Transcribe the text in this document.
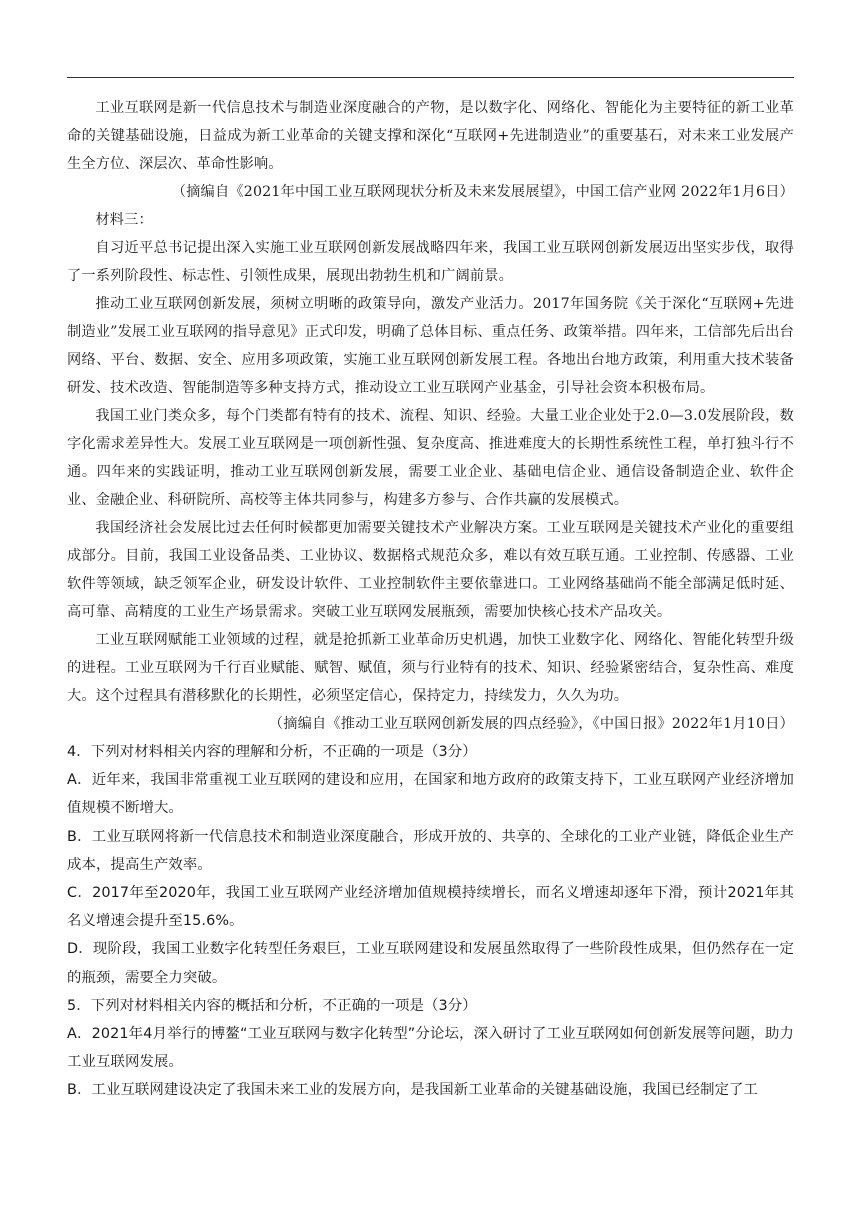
工业互联网是新一代信息技术与制造业深度融合的产物，是以数字化、网络化、智能化为主要特征的新工业革命的关键基础设施，日益成为新工业革命的关键支撑和深化“互联网+先进制造业”的重要基石，对未来工业发展产生全方位、深层次、革命性影响。

（摘编自《2021年中国工业互联网现状分析及未来发展展望》，中国工信产业网 2022年1月6日）

材料三：

自习近平总书记提出深入实施工业互联网创新发展战略四年来，我国工业互联网创新发展迈出坚实步伐，取得了一系列阶段性、标志性、引领性成果，展现出勃勃生机和广阔前景。

推动工业互联网创新发展，须树立明晰的政策导向，激发产业活力。2017年国务院《关于深化“互联网+先进制造业”发展工业互联网的指导意见》正式印发，明确了总体目标、重点任务、政策举措。四年来，工信部先后出台网络、平台、数据、安全、应用多项政策，实施工业互联网创新发展工程。各地出台地方政策，利用重大技术装备研发、技术改造、智能制造等多种支持方式，推动设立工业互联网产业基金，引导社会资本积极布局。

我国工业门类众多，每个门类都有特有的技术、流程、知识、经验。大量工业企业处于2.0—3.0发展阶段，数字化需求差异性大。发展工业互联网是一项创新性强、复杂度高、推进难度大的长期性系统性工程，单打独斗行不通。四年来的实践证明，推动工业互联网创新发展，需要工业企业、基础电信企业、通信设备制造企业、软件企业、金融企业、科研院所、高校等主体共同参与，构建多方参与、合作共赢的发展模式。

我国经济社会发展比过去任何时候都更加需要关键技术产业解决方案。工业互联网是关键技术产业化的重要组成部分。目前，我国工业设备品类、工业协议、数据格式规范众多，难以有效互联互通。工业控制、传感器、工业软件等领域，缺乏领军企业，研发设计软件、工业控制软件主要依靠进口。工业网络基础尚不能全部满足低时延、高可靠、高精度的工业生产场景需求。突破工业互联网发展瓶颈，需要加快核心技术产品攻关。

工业互联网赋能工业领域的过程，就是抢抓新工业革命历史机遇，加快工业数字化、网络化、智能化转型升级的进程。工业互联网为千行百业赋能、赋智、赋值，须与行业特有的技术、知识、经验紧密结合，复杂性高、难度大。这个过程具有潜移默化的长期性，必须坚定信心，保持定力，持续发力，久久为功。

（摘编自《推动工业互联网创新发展的四点经验》，《中国日报》2022年1月10日）

4．下列对材料相关内容的理解和分析，不正确的一项是（3分）

A．近年来，我国非常重视工业互联网的建设和应用，在国家和地方政府的政策支持下，工业互联网产业经济增加值规模不断增大。

B．工业互联网将新一代信息技术和制造业深度融合，形成开放的、共享的、全球化的工业产业链，降低企业生产成本，提高生产效率。

C．2017年至2020年，我国工业互联网产业经济增加值规模持续增长，而名义增速却逐年下滑，预计2021年其名义增速会提升至15.6%。

D．现阶段，我国工业数字化转型任务艰巨，工业互联网建设和发展虽然取得了一些阶段性成果，但仍然存在一定的瓶颈，需要全力突破。

5．下列对材料相关内容的概括和分析，不正确的一项是（3分）

A．2021年4月举行的博鳌“工业互联网与数字化转型”分论坛，深入研讨了工业互联网如何创新发展等问题，助力工业互联网发展。

B．工业互联网建设决定了我国未来工业的发展方向，是我国新工业革命的关键基础设施，我国已经制定了工
